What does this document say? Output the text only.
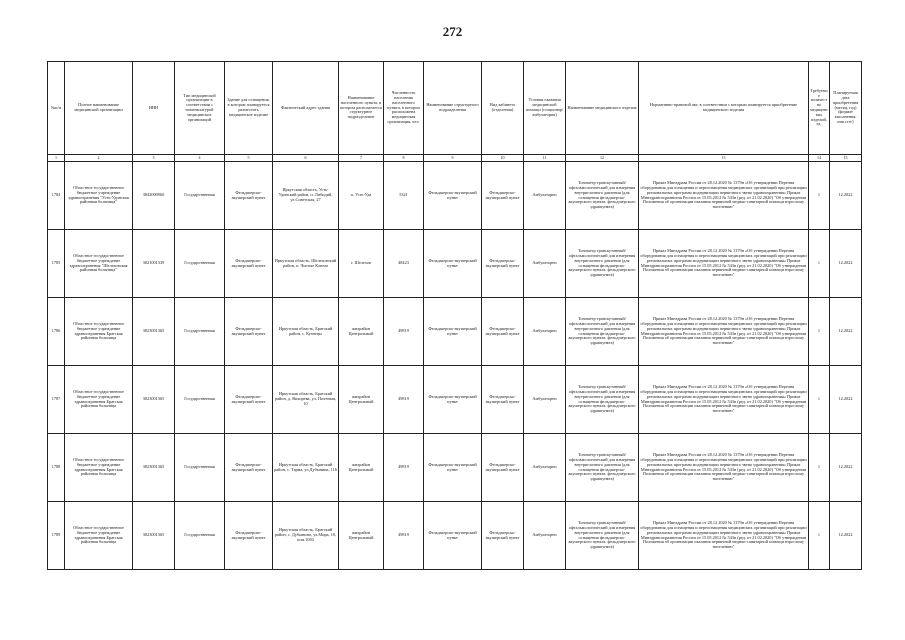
272
№п/п	Полное наименование медицинской организации	ИНН	Тип медицинской организации в соответствии с номенклатурой медицинских организаций	Здание для оснащения, в котором планируется разместить медицинское изделие	Фактический адрес здания	Наименование населенного пункта, в котором располагается структурное подразделение	Численность населения населенного пункта, в котором расположена медицинская организация, чел.	Наименование структурного подразделения	Вид кабинета (отделения)	Условия оказания медицинской помощи (стационар/амбулатория)	Наименование медицинского изделия	Нормативно-правовой акт, в соответствии с которым планируется приобретение медицинского изделия	Требуемое количество медицинских изделий, ед.	Планируемая дата приобретения (месяц, год) (формат заполнения: mm.гггг)
1	2	3	4	5	6	7	8	9	10	11	12	13	14	15
1784	Областное государственное бюджетное учреждение здравоохранения "Усть-Удинская районная больница"	3842000960	Государственная	Фельдшерско-акушерский пункт	Иркутская область, Усть-Удинский район, п. Либидий, ул.Советская, 27	п. Усть-Уда	5321	Фельдшерско-акушерский пункт	Фельдшерско-акушерский пункт	Амбулаторно	Тонометр транскутанный/офтальмологический для измерения внутриглазного давления (для оснащения фельдшерско-акушерского пункта, фельдшерского здравпункта)	Приказ Минздрава России от 28.12.2020 № 1379н «Об утверждении Перечня оборудования для оснащения и переоснащения медицинских организаций при реализации региональных программ модернизации первичного звена здравоохранения» Приказ Минздравсоцразвития России от 15.05.2012 № 543н (ред. от 21.02.2020) "Об утверждении Положения об организации оказания первичной медико-санитарной помощи взрослому населению"	1	12.2022
1785	Областное государственное бюджетное учреждение здравоохранения "Шелеховская районная больница"	3821001339	Государственная	Фельдшерско-акушерский пункт	Иркутская область, Шелеховский район, п. Чистые Ключи	г. Шелехов	48423	Фельдшерско-акушерский пункт	Фельдшерско-акушерский пункт	Амбулаторно	Тонометр транскутанный/офтальмологический для измерения внутриглазного давления (для оснащения фельдшерско-акушерского пункта, фельдшерского здравпункта)	Приказ Минздрава России от 28.12.2020 № 1379н «Об утверждении Перечня оборудования для оснащения и переоснащения медицинских организаций при реализации региональных программ модернизации первичного звена здравоохранения» Приказ Минздравсоцразвития России от 15.05.2012 № 543н (ред. от 21.02.2020) "Об утверждении Положения об организации оказания первичной медико-санитарной помощи взрослому населению"	1	12.2022
1786	Областное государственное бюджетное учреждение здравоохранения Братская районная больница	3823001365	Государственная	Фельдшерско-акушерский пункт	Иркутская область, Братский район, с. Кузнецы	жилрайон Центральный	49819	Фельдшерско-акушерский пункт	Фельдшерско-акушерский пункт	Амбулаторно	Тонометр транскутанный/офтальмологический для измерения внутриглазного давления (для оснащения фельдшерско-акушерского пункта, фельдшерского здравпункта)	Приказ Минздрава России от 28.12.2020 № 1379н «Об утверждении Перечня оборудования для оснащения и переоснащения медицинских организаций при реализации региональных программ модернизации первичного звена здравоохранения» Приказ Минздравсоцразвития России от 15.05.2012 № 543н (ред. от 21.02.2020) "Об утверждении Положения об организации оказания первичной медико-санитарной помощи взрослому населению"	1	12.2022
1787	Областное государственное бюджетное учреждение здравоохранения Братская районная больница	3823001365	Государственная	Фельдшерско-акушерский пункт	Иркутская область, Братский район, д. Вихорева, ул. Почтовая, 10	жилрайон Центральный	49819	Фельдшерско-акушерский пункт	Фельдшерско-акушерский пункт	Амбулаторно	Тонометр транскутанный/офтальмологический для измерения внутриглазного давления (для оснащения фельдшерско-акушерского пункта, фельдшерского здравпункта)	Приказ Минздрава России от 28.12.2020 № 1379н «Об утверждении Перечня оборудования для оснащения и переоснащения медицинских организаций при реализации региональных программ модернизации первичного звена здравоохранения» Приказ Минздравсоцразвития России от 15.05.2012 № 543н (ред. от 21.02.2020) "Об утверждении Положения об организации оказания первичной медико-санитарной помощи взрослому населению"	1	12.2022
1788	Областное государственное бюджетное учреждение здравоохранения Братская районная больница	3823001365	Государственная	Фельдшерско-акушерский пункт	Иркутская область, Братский район, с. Тарма, ул.Дубынина, 116	жилрайон Центральный	49819	Фельдшерско-акушерский пункт	Фельдшерско-акушерский пункт	Амбулаторно	Тонометр транскутанный/офтальмологический для измерения внутриглазного давления (для оснащения фельдшерско-акушерского пункта, фельдшерского здравпункта)	Приказ Минздрава России от 28.12.2020 № 1379н «Об утверждении Перечня оборудования для оснащения и переоснащения медицинских организаций при реализации региональных программ модернизации первичного звена здравоохранения» Приказ Минздравсоцразвития России от 15.05.2012 № 543н (ред. от 21.02.2020) "Об утверждении Положения об организации оказания первичной медико-санитарной помощи взрослому населению"	1	12.2022
1789	Областное государственное бюджетное учреждение здравоохранения Братская районная больница	3823001365	Государственная	Фельдшерско-акушерский пункт	Иркутская область, Братский район, с. Дубынино, ул.Мира, 10, пом.1003	жилрайон Центральный	49819	Фельдшерско-акушерский пункт	Фельдшерско-акушерский пункт	Амбулаторно	Тонометр транскутанный/офтальмологический для измерения внутриглазного давления (для оснащения фельдшерско-акушерского пункта, фельдшерского здравпункта)	Приказ Минздрава России от 28.12.2020 № 1379н «Об утверждении Перечня оборудования для оснащения и переоснащения медицинских организаций при реализации региональных программ модернизации первичного звена здравоохранения» Приказ Минздравсоцразвития России от 15.05.2012 № 543н (ред. от 21.02.2020) "Об утверждении Положения об организации оказания первичной медико-санитарной помощи взрослому населению"	1	12.2022
